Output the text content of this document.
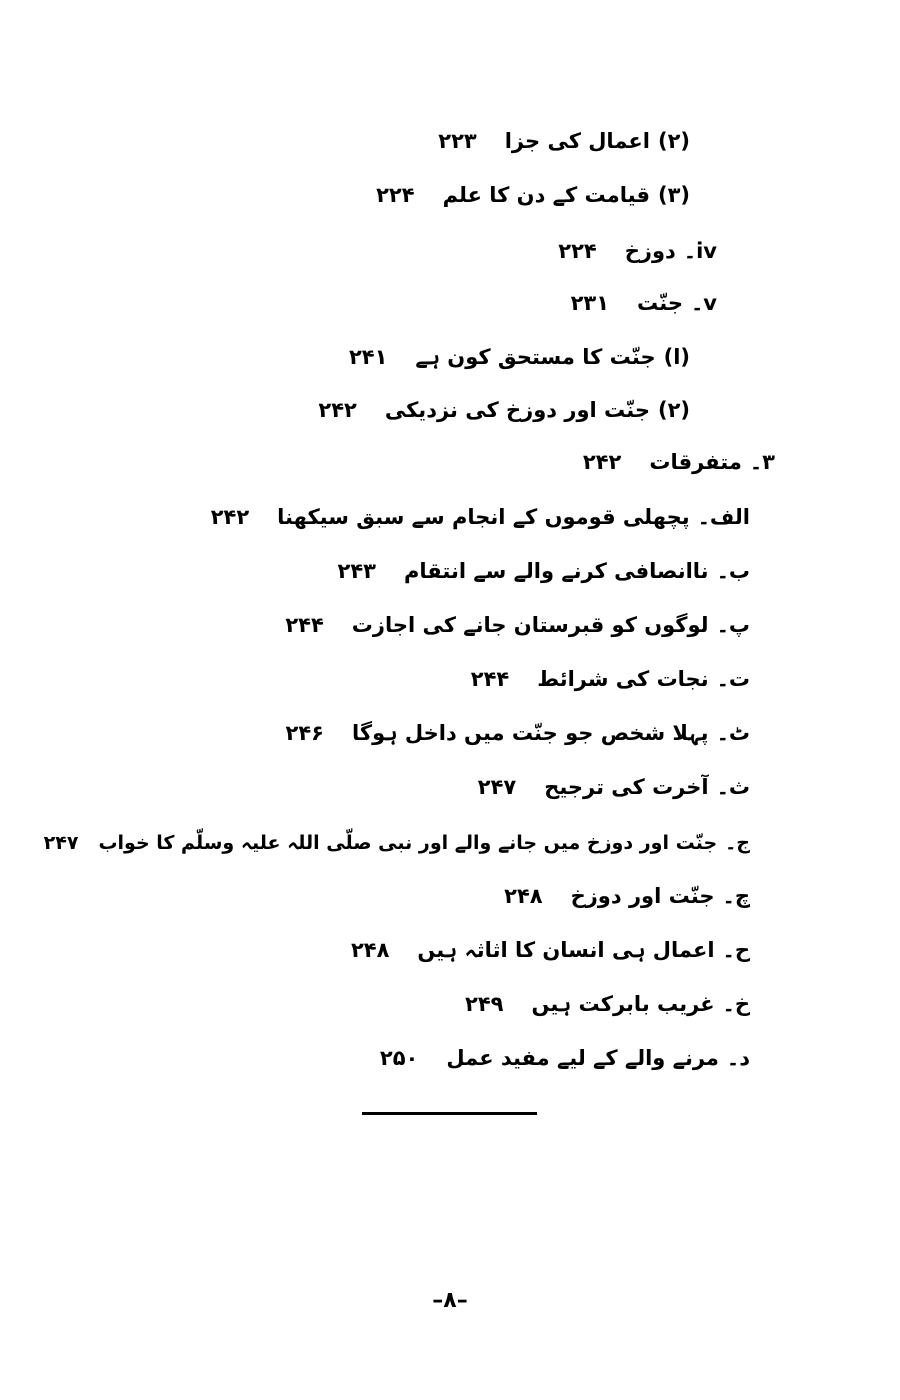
(۲)اعمال کی جزا۲۲۳
(۳)قیامت کے دن کا علم۲۲۴
iv۔دوزخ۲۲۴
v۔جنّت۲۳۱
(ا)جنّت کا مستحق کون ہے۲۴۱
(۲)جنّت اور دوزخ کی نزدیکی۲۴۲
۳۔متفرقات۲۴۲
الف۔پچھلی قوموں کے انجام سے سبق سیکھنا۲۴۲
ب۔ناانصافی کرنے والے سے انتقام۲۴۳
پ۔لوگوں کو قبرستان جانے کی اجازت۲۴۴
ت۔نجات کی شرائط۲۴۴
ٹ۔پہلا شخص جو جنّت میں داخل ہوگا۲۴۶
ث۔آخرت کی ترجیح۲۴۷
ج۔جنّت اور دوزخ میں جانے والے اور نبی صلّی اللہ علیہ وسلّم کا خواب۲۴۷
چ۔جنّت اور دوزخ۲۴۸
ح۔اعمال ہی انسان کا اثاثہ ہیں۲۴۸
خ۔غریب بابرکت ہیں۲۴۹
د۔مرنے والے کے لیے مفید عمل۲۵۰
–۸–
